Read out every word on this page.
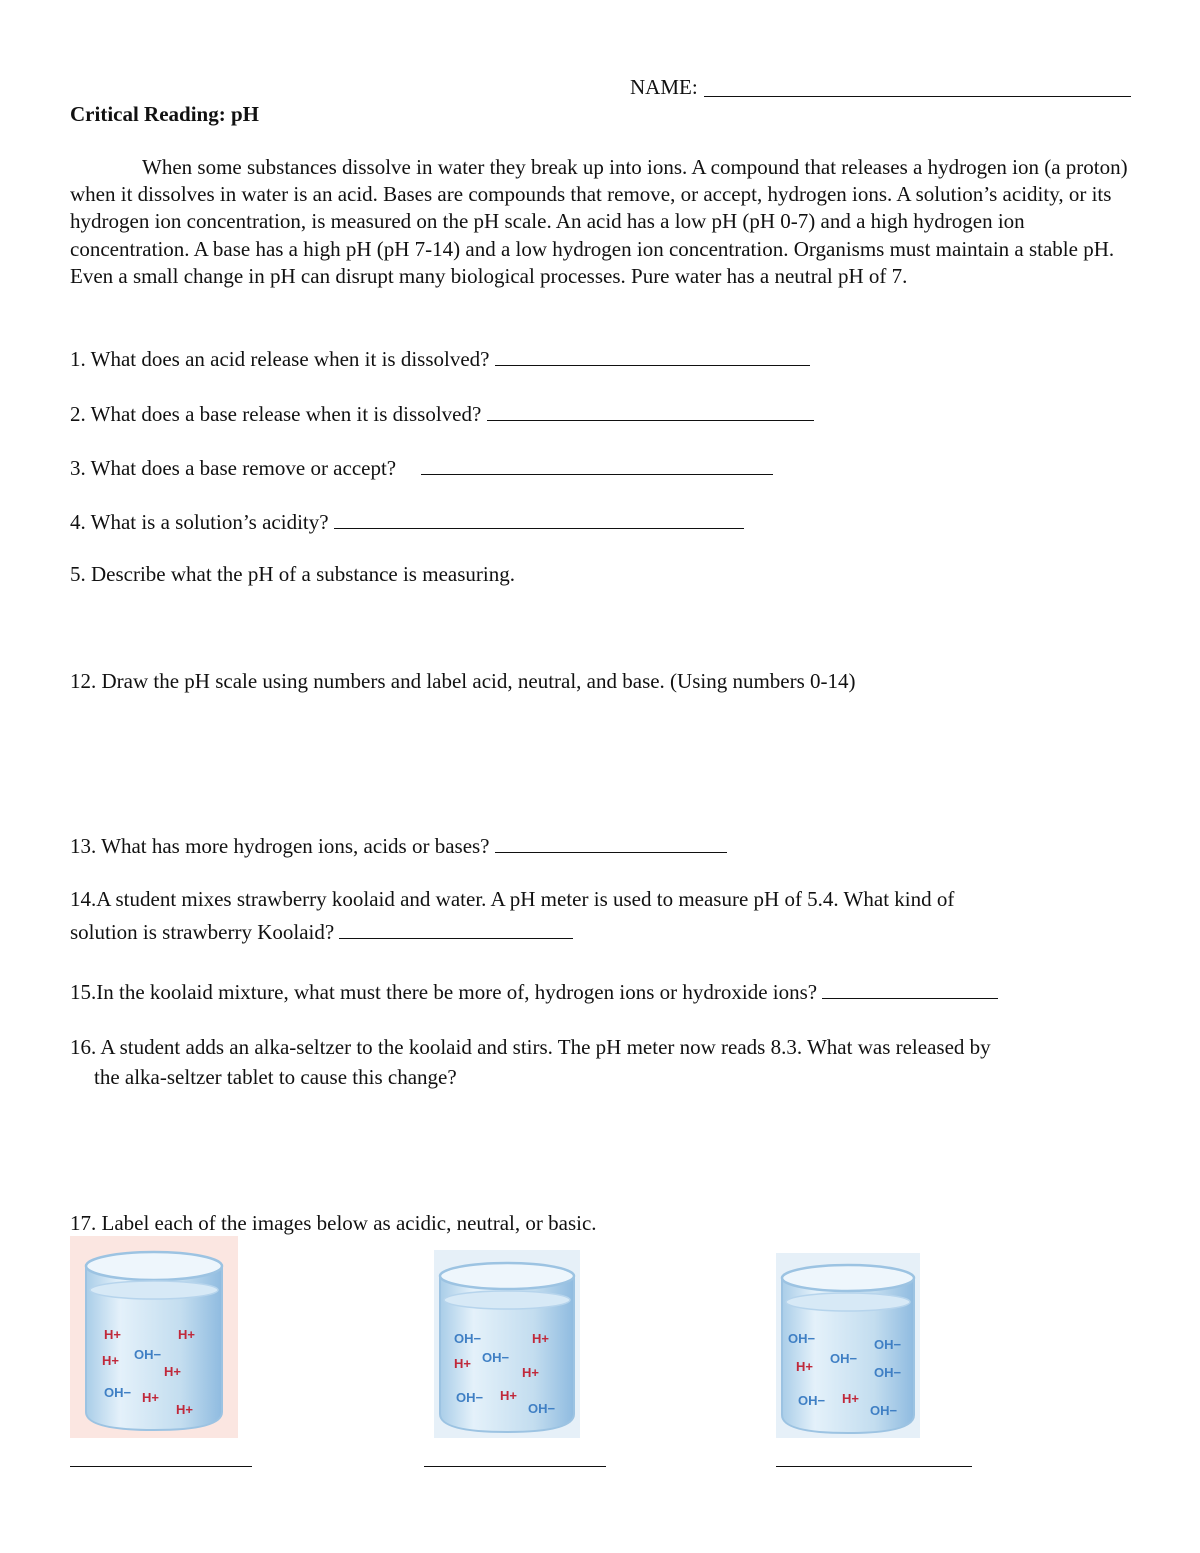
NAME:
Critical Reading: pH

When some substances dissolve in water they break up into ions. A compound that releases a hydrogen ion (a proton) when it dissolves in water is an acid. Bases are compounds that remove, or accept, hydrogen ions. A solution’s acidity, or its hydrogen ion concentration, is measured on the pH scale. An acid has a low pH (pH 0-7) and a high hydrogen ion concentration. A base has a high pH (pH 7-14) and a low hydrogen ion concentration. Organisms must maintain a stable pH. Even a small change in pH can disrupt many biological processes. Pure water has a neutral pH of 7.

1. What does an acid release when it is dissolved?
2. What does a base release when it is dissolved?
3. What does a base remove or accept?
4. What is a solution’s acidity?
5. Describe what the pH of a substance is measuring.
12. Draw the pH scale using numbers and label acid, neutral, and base. (Using numbers 0-14)
13. What has more hydrogen ions, acids or bases?
14.A student mixes strawberry koolaid and water. A pH meter is used to measure pH of 5.4. What kind of
solution is strawberry Koolaid?
15.In the koolaid mixture, what must there be more of, hydrogen ions or hydroxide ions?
16. A student adds an alka-seltzer to the koolaid and stirs. The pH meter now reads 8.3. What was released by
the alka-seltzer tablet to cause this change?
17. Label each of the images below as acidic, neutral, or basic.
H+	H+
H+ OH−
H+
OH− H+
H+
OH−	H+
H+ OH−
H+
OH− H+
OH−
OH−	OH−
OH−
H+	OH−
OH− H+
OH−
H+ OH−
